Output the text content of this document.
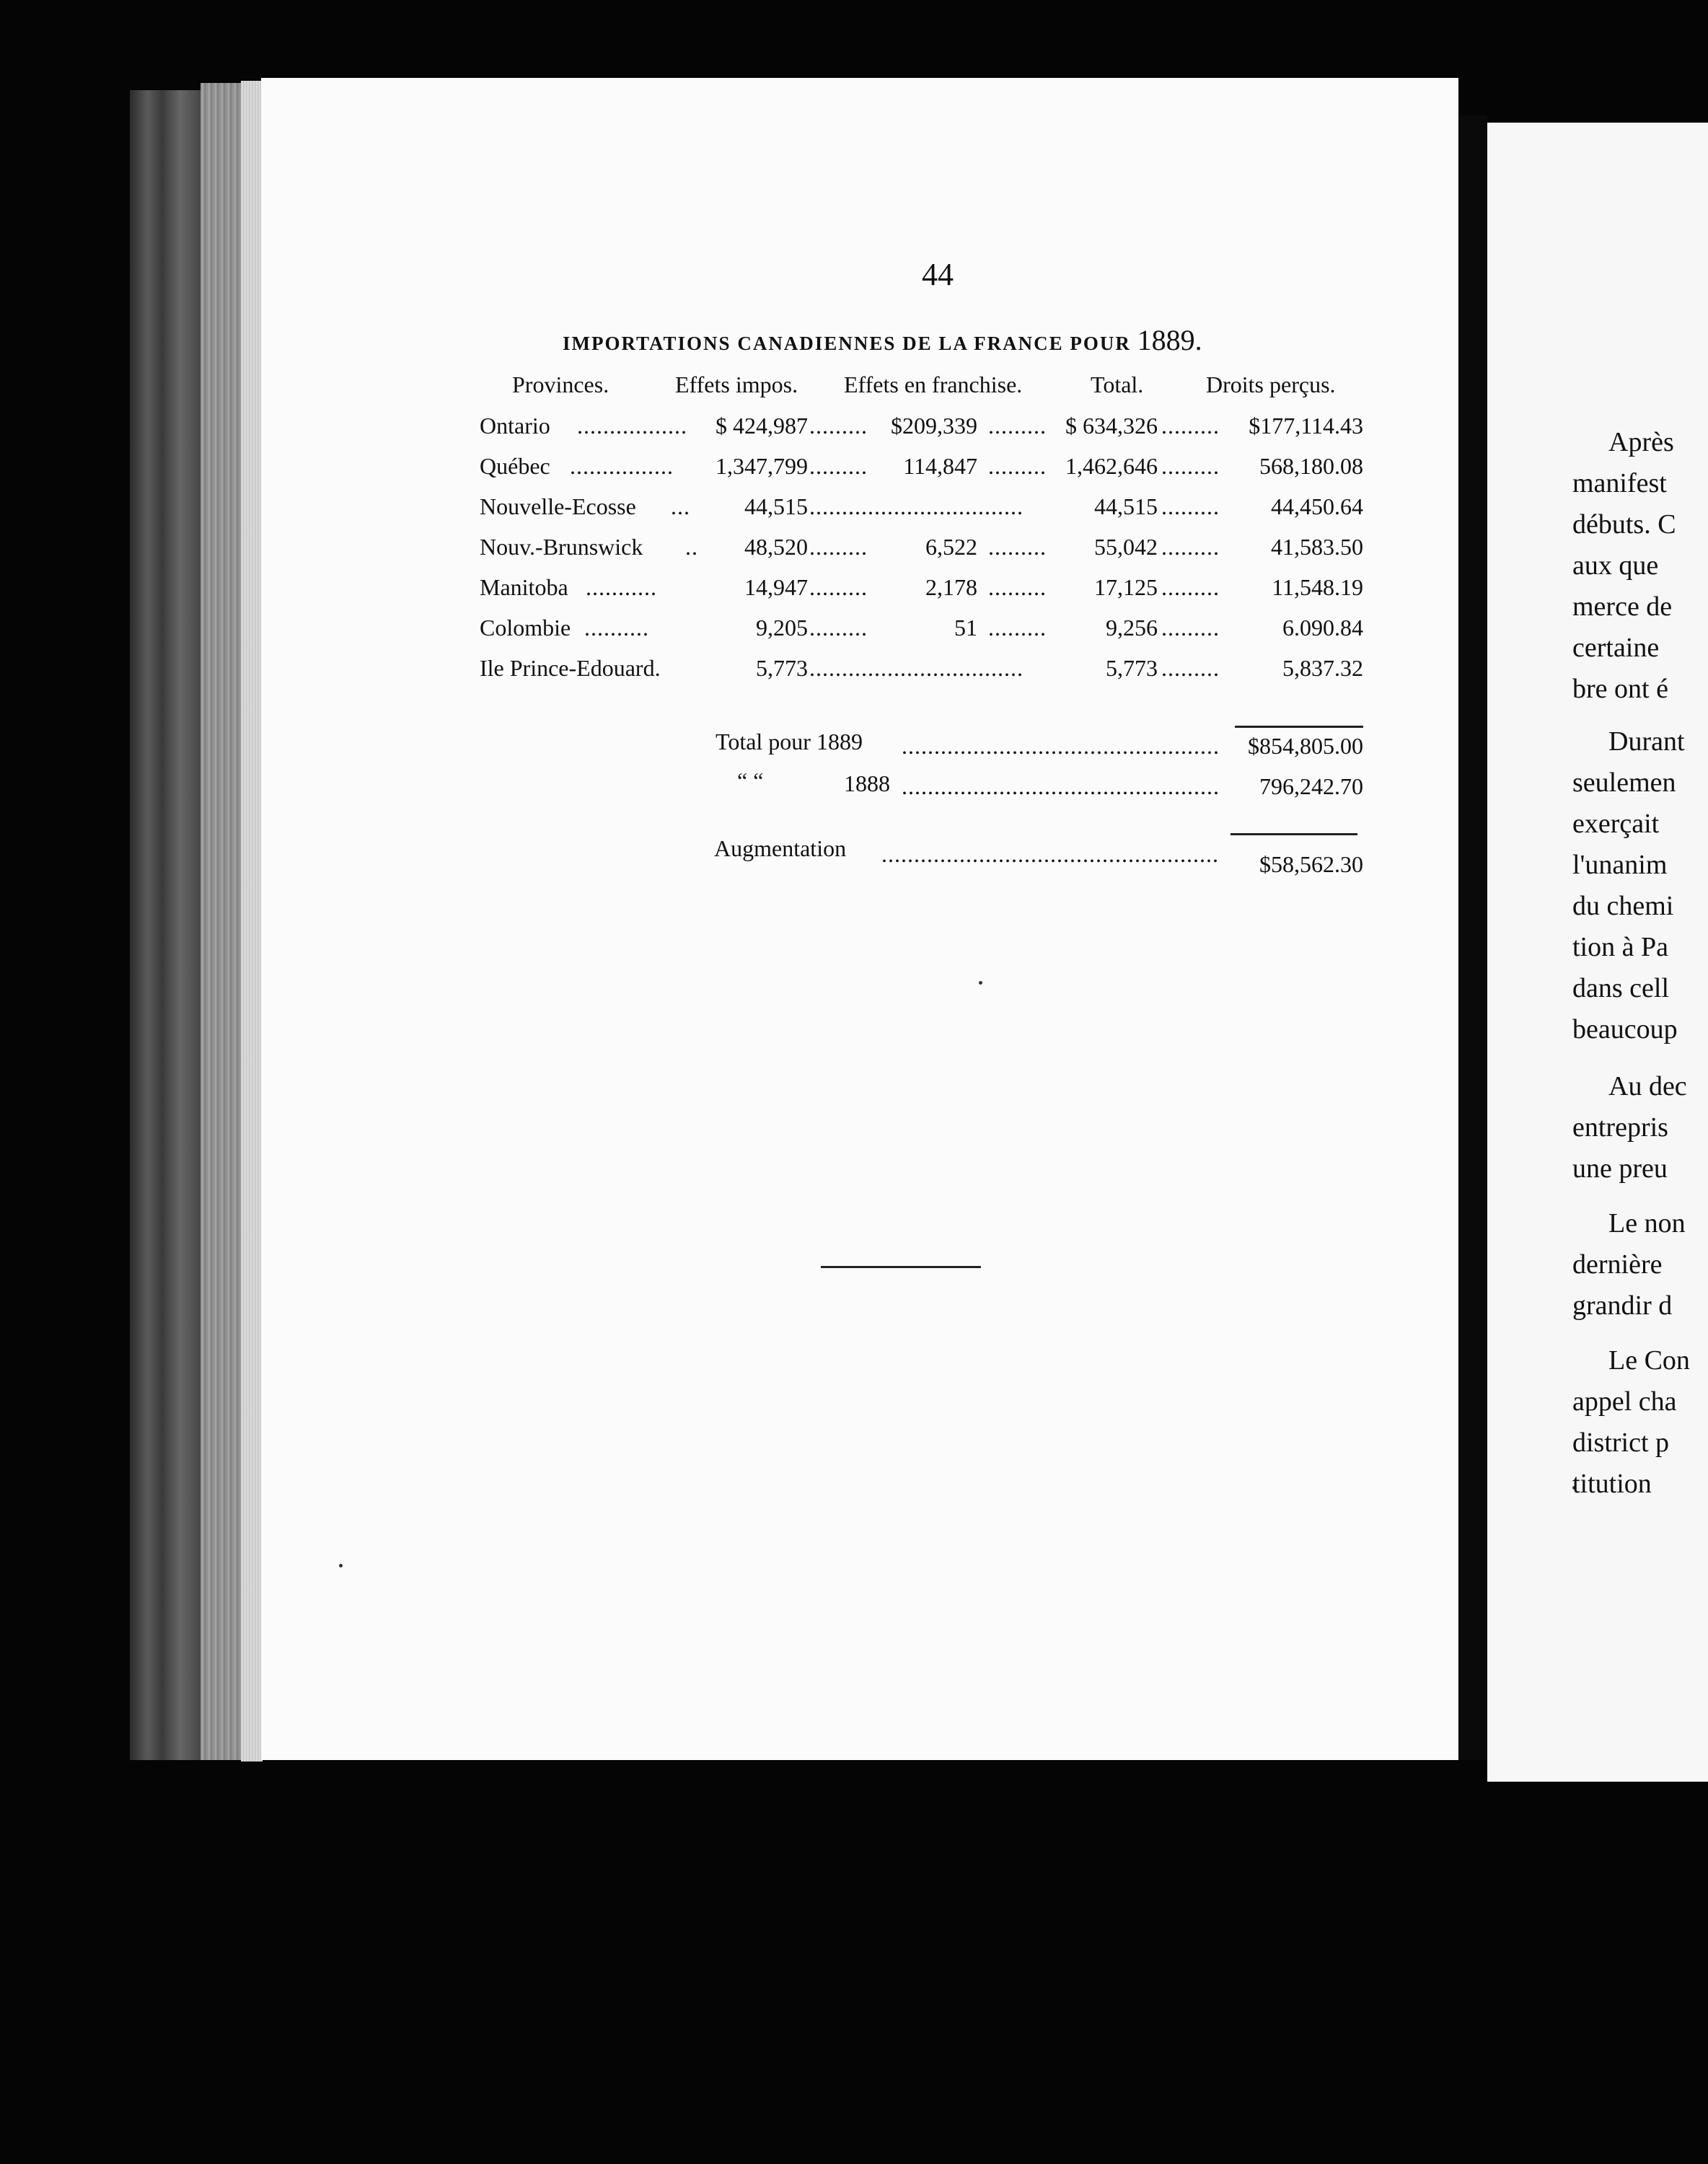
44
IMPORTATIONS CANADIENNES DE LA FRANCE POUR 1889.
Provinces.	Effets impos. Effets en franchise.	Total.	Droits perçus.
Ontario	.................	$ 424,987 .........	$209,339 ......... $ 634,326 .........	$177,114.43
Québec ................	1,347,799 .........	114,847 ......... 1,462,646 .........	568,180.08
Nouvelle-Ecosse	...	44,515 .................................	44,515 .........	44,450.64
Nouv.-Brunswick	..	48,520 .........	6,522 .........	55,042 .........	41,583.50
Manitoba ...........	14,947 .........	2,178 .........	17,125 .........	11,548.19
Colombie ..........	9,205 .........	51 .........	9,256 .........	6.090.84
Ile Prince-Edouard.	5,773 .................................	5,773 .........	5,837.32
Total pour 1889 .................................................	$854,805.00
“ “	1888 .................................................	796,242.70
Augmentation ....................................................	$58,562.30

Après

manifest

débuts. C

aux que

merce de

certaine

bre ont é

Durant

seulemen

exerçait

l'unanim

du chemi

tion à Pa

dans cell

beaucoup

Au dec

entrepris

une preu

Le non

dernière

grandir d

Le Con

appel cha

district p

titution
